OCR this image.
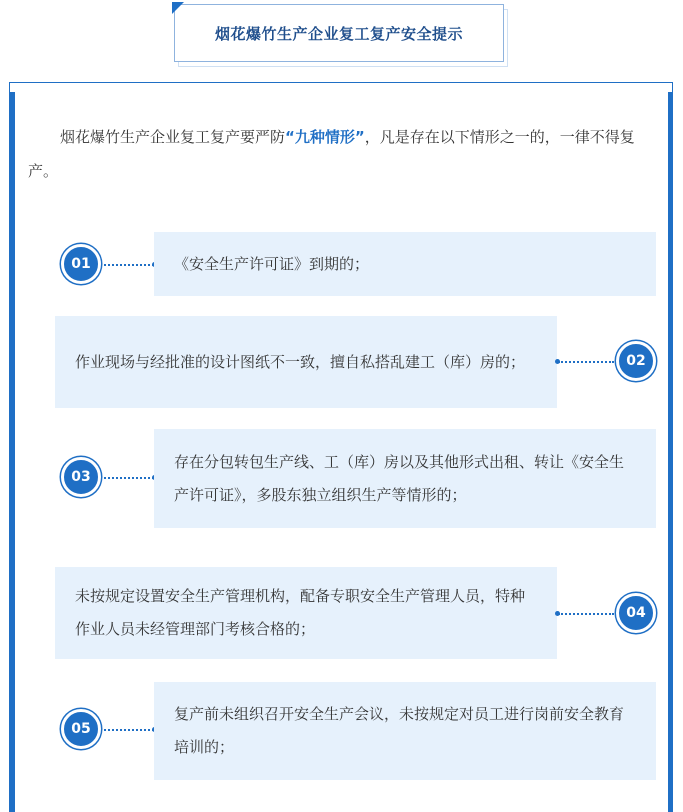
烟花爆竹生产企业复工复产安全提示
烟花爆竹生产企业复工复产要严防“九种情形”，凡是存在以下情形之一的，一律不得复产。
01	《安全生产许可证》到期的；
作业现场与经批准的设计图纸不一致，擅自私搭乱建工（库）房的；	02
03
存在分包转包生产线、工（库）房以及其他形式出租、转让《安全生产许可证》，多股东独立组织生产等情形的；
未按规定设置安全生产管理机构，配备专职安全生产管理人员，特种作业人员未经管理部门考核合格的；
04
05
复产前未组织召开安全生产会议，未按规定对员工进行岗前安全教育培训的；
